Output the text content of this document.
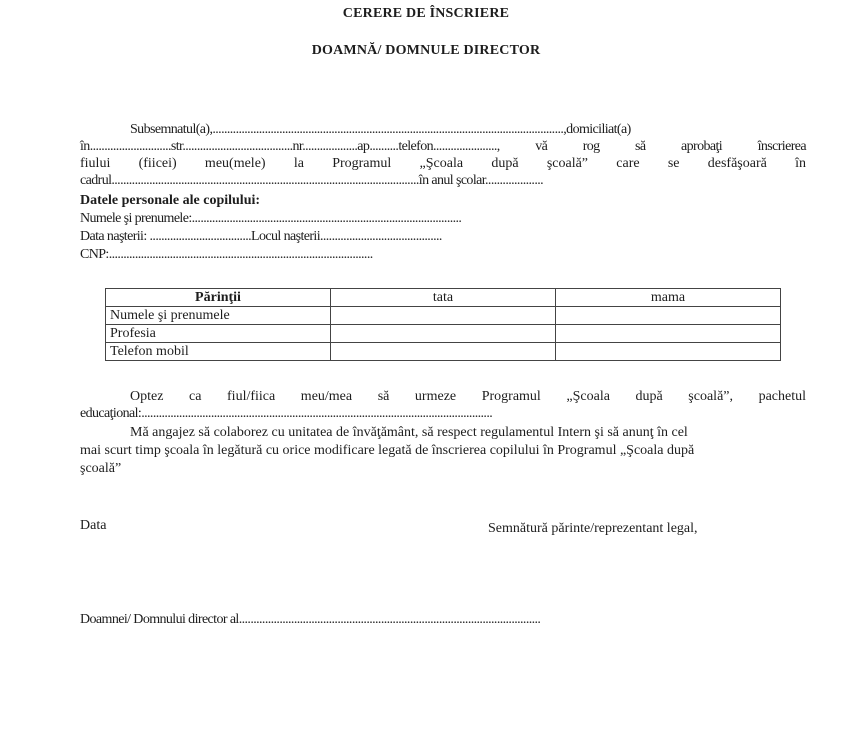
CERERE DE ÎNSCRIERE
DOAMNĂ/ DOMNULE DIRECTOR
Subsemnatul(a),.........................................................................................................................,domiciliat(a)
în............................str......................................nr...................ap..........telefon......................, vă rog să aprobaţi înscrierea
fiului (fiicei) meu(mele) la Programul „Şcoala după şcoală” care se desfăşoară în
cadrul..........................................................................................................în anul şcolar....................
Datele personale ale copilului:
Numele şi prenumele:.............................................................................................
Data naşterii: ...................................Locul naşterii..........................................
CNP:...........................................................................................
Părinţii	tata	mama
Numele şi prenumele		
Profesia		
Telefon mobil		
Optez ca fiul/fiica meu/mea să urmeze Programul „Şcoala după şcoală”, pachetul
educaţional:.........................................................................................................................
Mă angajez să colaborez cu unitatea de învăţământ, să respect regulamentul Intern şi să anunţ în cel
mai scurt timp şcoala în legătură cu orice modificare legată de înscrierea copilului în Programul „Şcoala după
şcoală”
Data	Semnătură părinte/reprezentant legal,
Doamnei/ Domnului director al........................................................................................................
